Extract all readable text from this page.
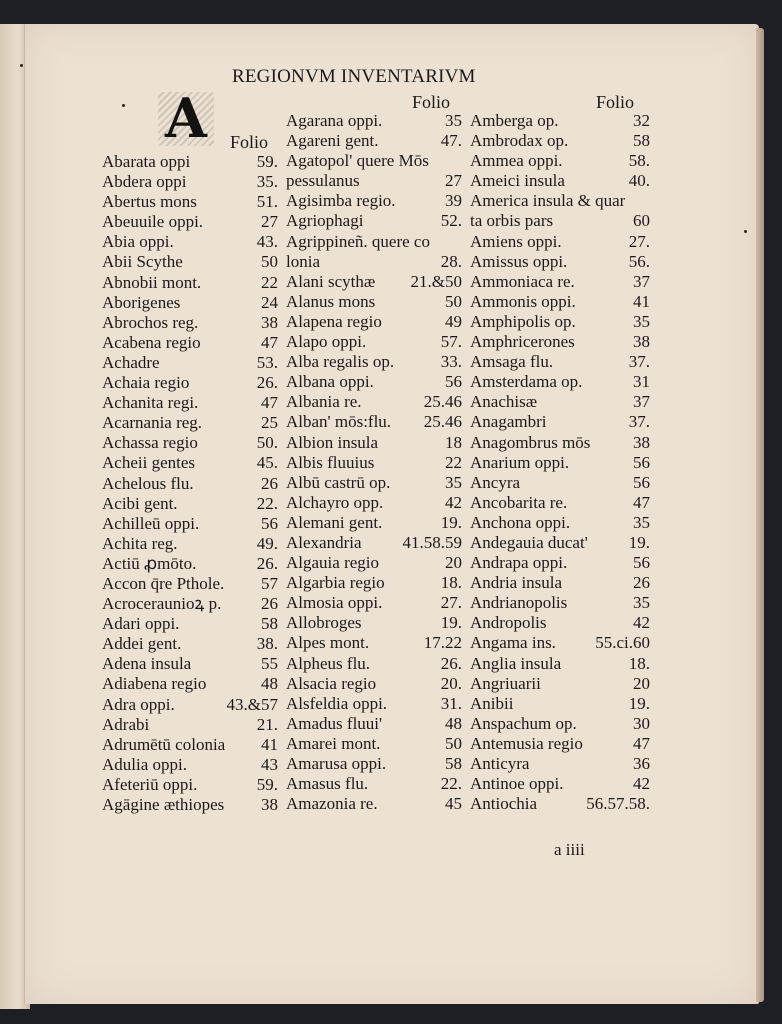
REGIONVM INVENTARIVM
Folio	Folio
A	Folio
Abarata oppi	59.
Abdera oppi	35.
Abertus mons	51.
Abeuuile oppi.	27
Abia oppi.	43.
Abii Scythe	50
Abnobii mont.	22
Aborigenes	24
Abrochos reg.	38
Acabena regio	47
Achadre	53.
Achaia regio	26.
Achanita regi.	47
Acarnania reg.	25
Achassa regio	50.
Acheii gentes	45.
Achelous flu.	26
Acibi gent.	22.
Achilleū oppi.	56
Achita reg.	49.
Actiū ꝓmōto.	26.
Accon q̄re Pthole. 57
Acroceraunioꝝ p. 26
Adari oppi.	58
Addei gent.	38.
Adena insula	55
Adiabena regio	48
Adra oppi.	43.&57
Adrabi	21.
Adrumētū colonia 41
Adulia oppi.	43
Afeteriū oppi.	59.
Agāgine æthiopes 38
Agarana oppi.	35
Agareni gent.	47.
Agatopol' quere Mōs
pessulanus	27
Agisimba regio.	39
Agriophagi	52.
Agrippineñ. quere co
lonia	28.
Alani scythæ 21.&50
Alanus mons	50
Alapena regio	49
Alapo oppi.	57.
Alba regalis op.	33.
Albana oppi.	56
Albania re.	25.46
Alban' mōs:flu. 25.46
Albion insula	18
Albis fluuius	22
Albū castrū op.	35
Alchayro opp.	42
Alemani gent.	19.
Alexandria 41.58.59
Algauia regio	20
Algarbia regio	18.
Almosia oppi.	27.
Allobroges	19.
Alpes mont.	17.22
Alpheus flu.	26.
Alsacia regio	20.
Alsfeldia oppi.	31.
Amadus fluui'	48
Amarei mont.	50
Amarusa oppi.	58
Amasus flu.	22.
Amazonia re.	45
Amberga op.	32
Ambrodax op.	58
Ammea oppi.	58.
Ameici insula	40.
America insula & quar
ta orbis pars	60
Amiens oppi.	27.
Amissus oppi.	56.
Ammoniaca re.	37
Ammonis oppi.	41
Amphipolis op.	35
Amphricerones	38
Amsaga flu.	37.
Amsterdama op.	31
Anachisæ	37
Anagambri	37.
Anagombrus mōs	38
Anarium oppi.	56
Ancyra	56
Ancobarita re.	47
Anchona oppi.	35
Andegauia ducat' 19.
Andrapa oppi.	56
Andria insula	26
Andrianopolis	35
Andropolis	42
Angama ins. 55.ci.60
Anglia insula	18.
Angriuarii	20
Anibii	19.
Anspachum op.	30
Antemusia regio	47
Anticyra	36
Antinoe oppi.	42
Antiochia	56.57.58.
a iiii
